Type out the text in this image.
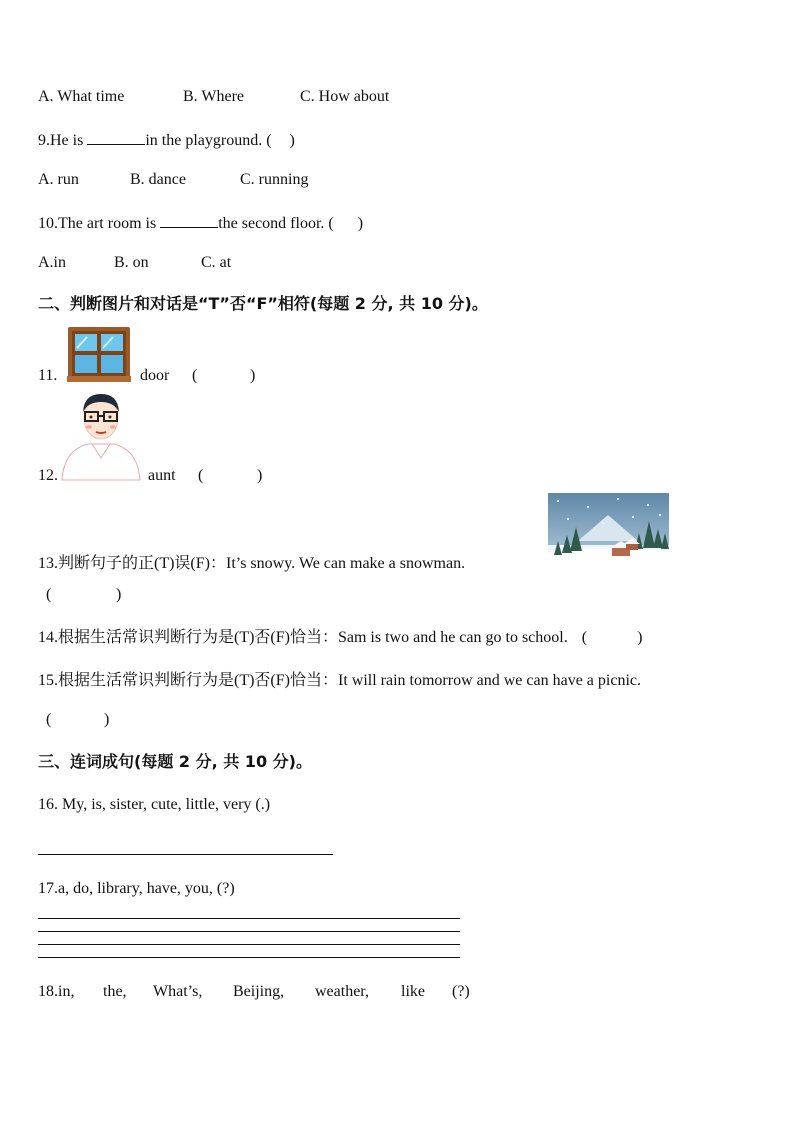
A. What time	B. Where	C. How about
9.He is	in the playground. ( )
A. run	B. dance	C. running
10.The art room is	the second floor. ( )
A.in	B. on	C. at
二、判断图片和对话是“T”否“F”相符(每题 2 分, 共 10 分)。
11.	door (	)
12.	aunt (	)
13.判断句子的正(T)误(F)：It’s snowy. We can make a snowman.
(	)
14.根据生活常识判断行为是(T)否(F)恰当：Sam is two and he can go to school. (	)
15.根据生活常识判断行为是(T)否(F)恰当：It will rain tomorrow and we can have a picnic.
(	)
三、连词成句(每题 2 分, 共 10 分)。
16. My, is, sister, cute, little, very (.)
17.a, do, library, have, you, (?)
18.in, the, What’s, Beijing, weather, like (?)
